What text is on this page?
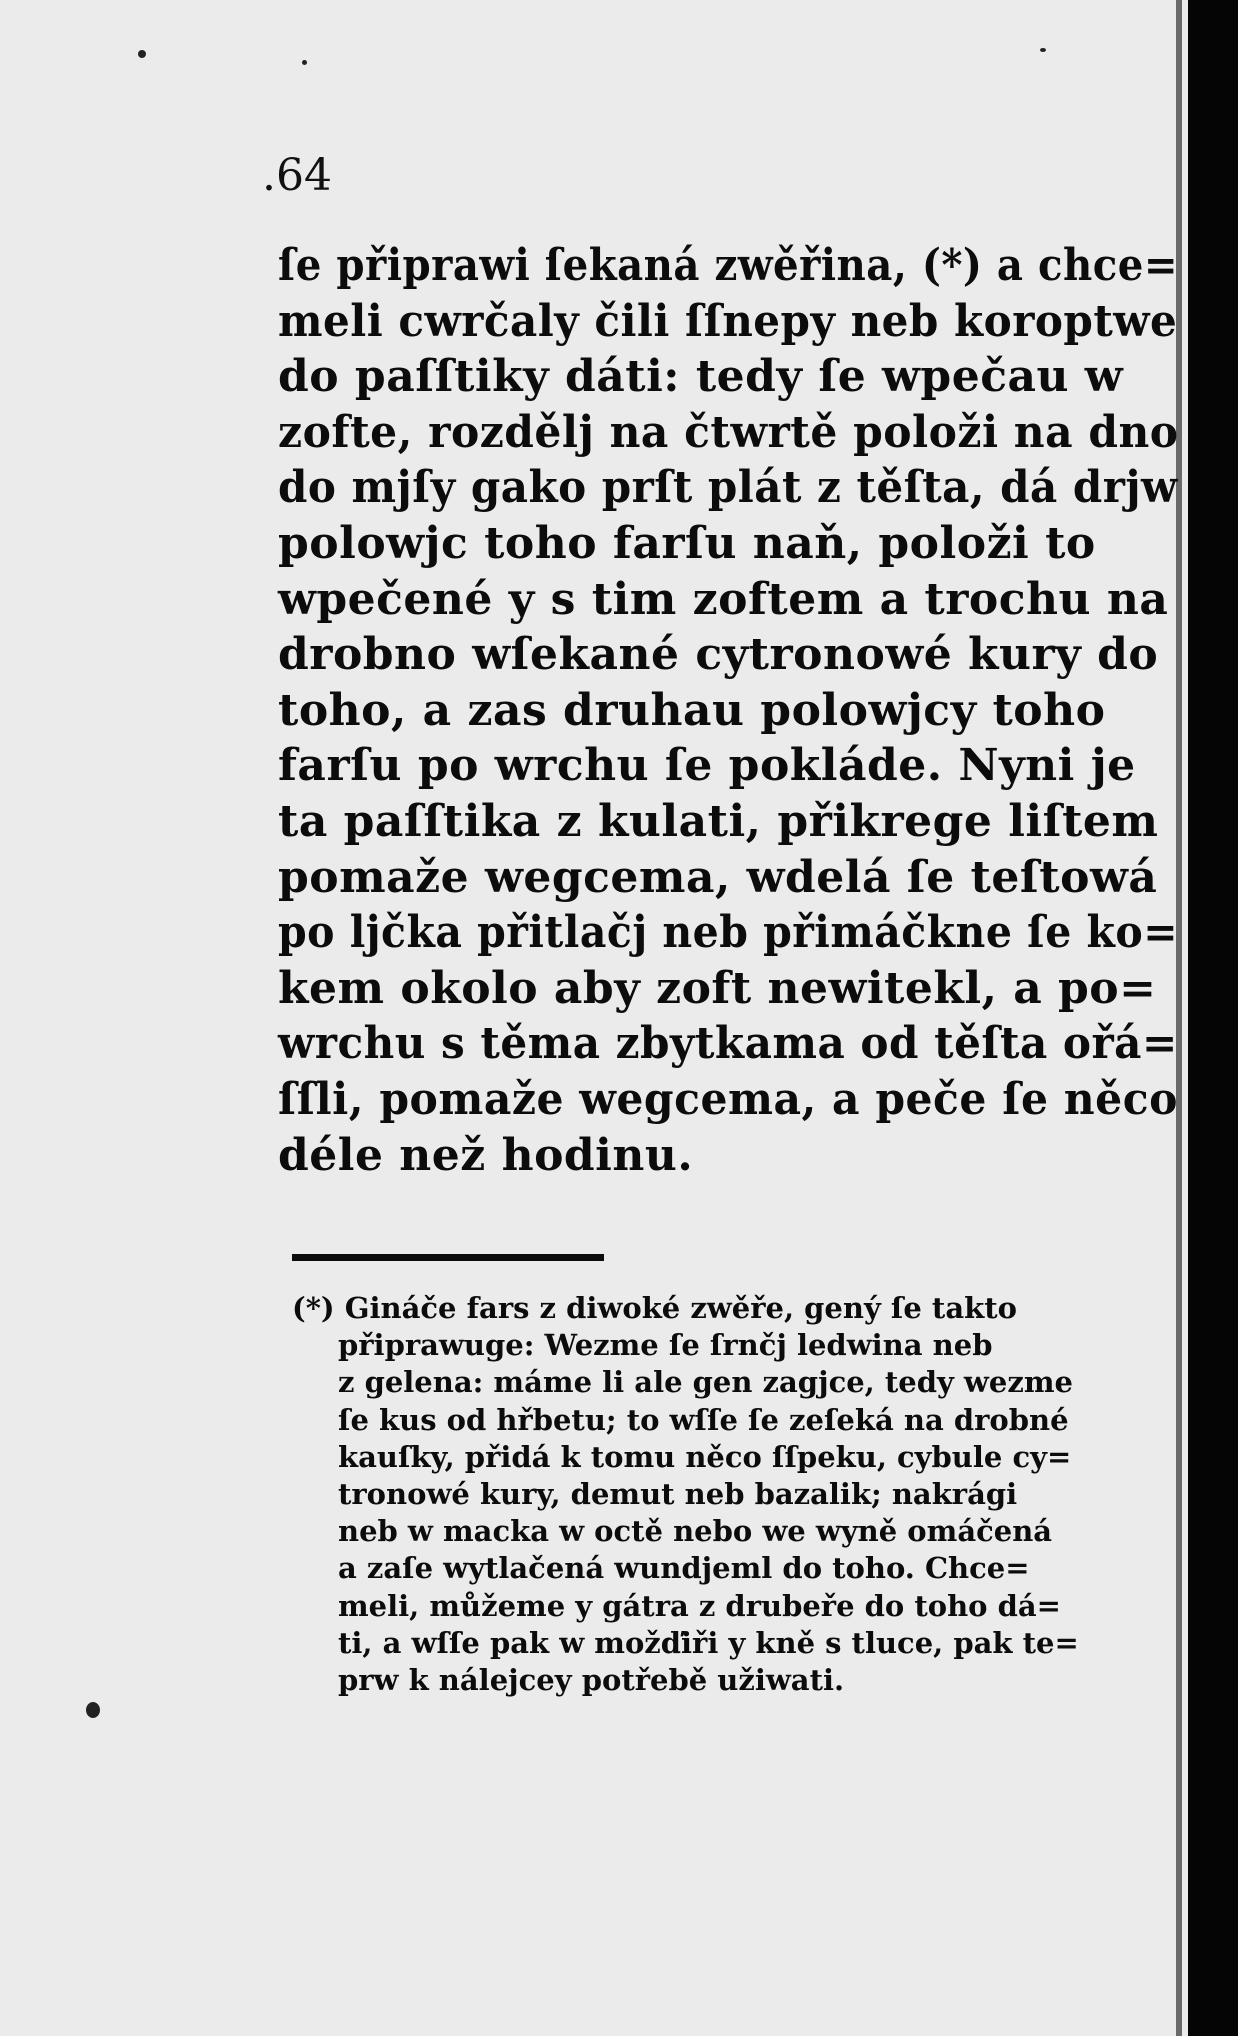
.64
ſe připrawi ſekaná zwěřina, (*) a chce=
meli cwrčaly čili ſſnepy neb koroptwe
do paſſtiky dáti: tedy ſe wpečau w
zofte, rozdělj na čtwrtě položi na dno
do mjſy gako prſt plát z těſta, dá drjw
polowjc toho farſu naň, položi to
wpečené y s tim zoftem a trochu na
drobno wſekané cytronowé kury do
toho, a zas druhau polowjcy toho
farſu po wrchu ſe pokláde. Nyni je
ta paſſtika z kulati, přikrege liſtem
pomaže wegcema, wdelá ſe teſtowá
po ljčka přitlačj neb přimáčkne ſe ko=
kem okolo aby zoft newitekl, a po=
wrchu s těma zbytkama od těſta ořá=
ſſli, pomaže wegcema, a peče ſe něco
déle než hodinu.
(*) Gináče fars z diwoké zwěře, gený ſe takto
připrawuge: Wezme ſe ſrnčj ledwina neb
z gelena: máme li ale gen zagjce, tedy wezme
ſe kus od hřbetu; to wſſe ſe zeſeká na drobné
kauſky, přidá k tomu něco ſſpeku, cybule cy=
tronowé kury, demut neb bazalik; nakrági
neb w macka w octě nebo we wyně omáčená
a zaſe wytlačená wundjeml do toho. Chce=
meli, můžeme y gátra z drubeře do toho dá=
ti, a wſſe pak w možďiři y kně s tluce, pak te=
prw k nálejcey potřebě užiwati.
